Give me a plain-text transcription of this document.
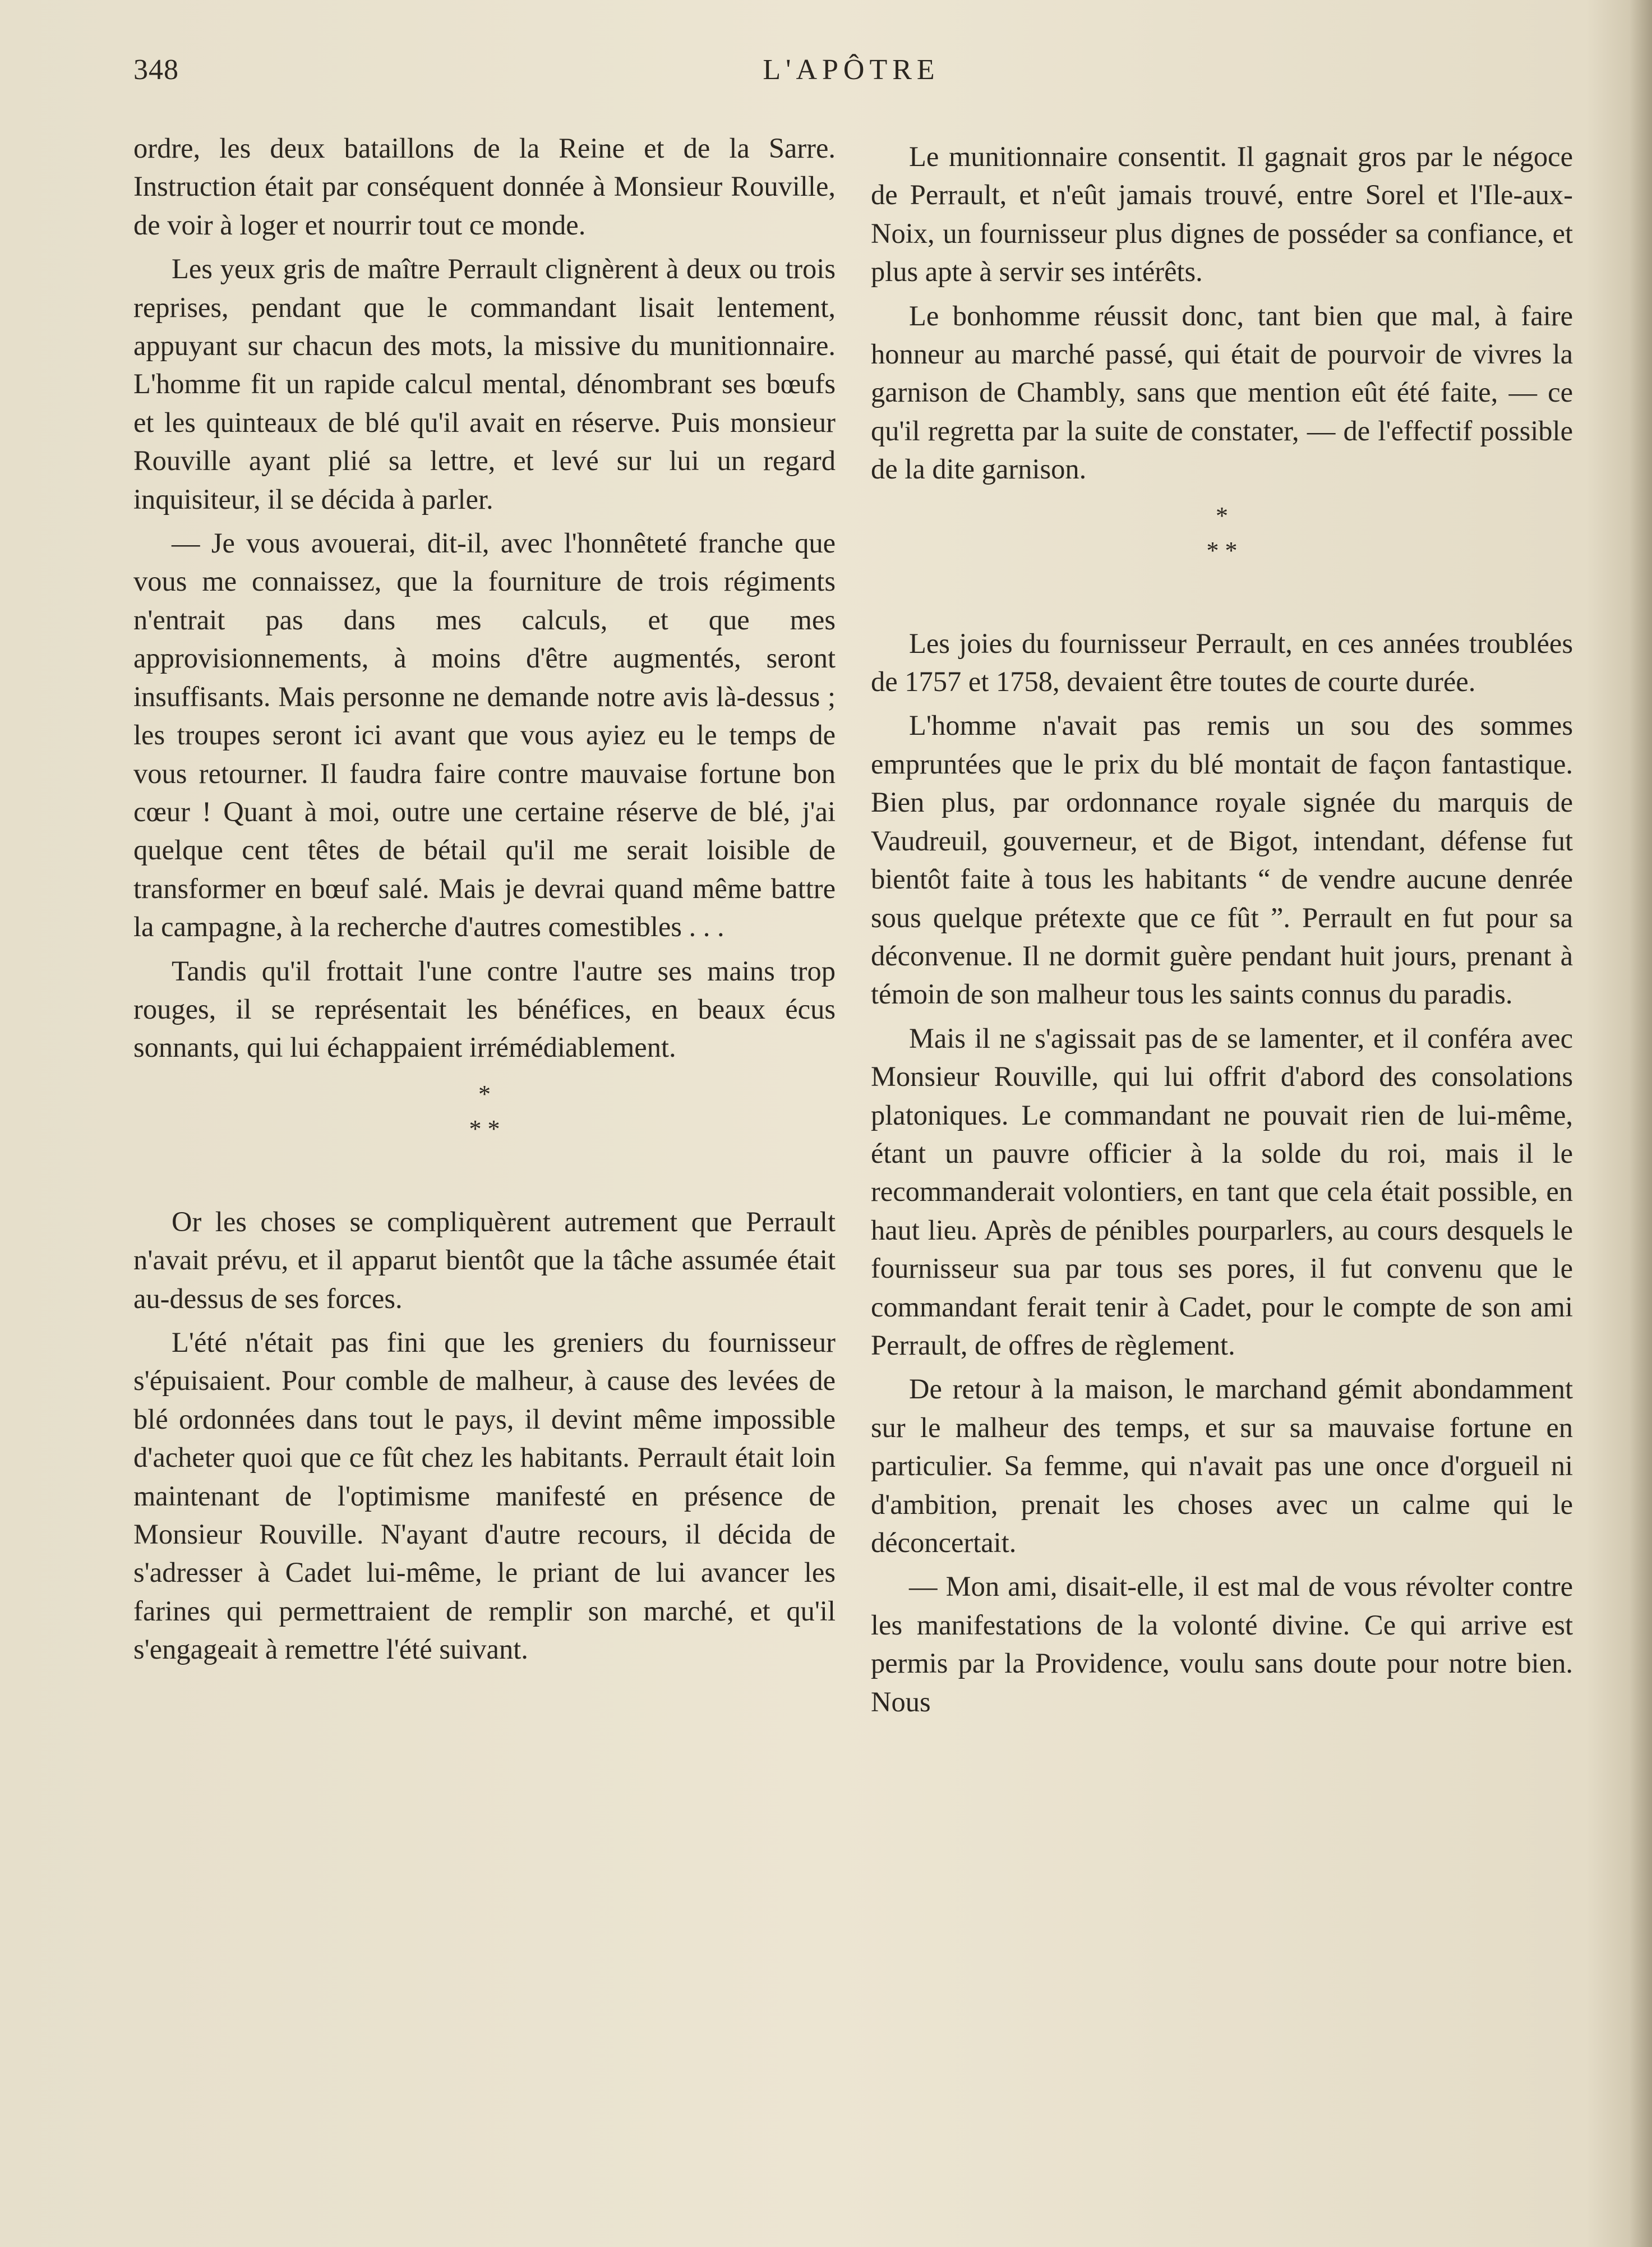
348	L'APÔTRE

ordre, les deux bataillons de la Reine et de la Sarre. Instruction était par conséquent donnée à Monsieur Rouville, de voir à loger et nourrir tout ce monde.

Les yeux gris de maître Perrault clignèrent à deux ou trois reprises, pendant que le commandant lisait lentement, appuyant sur chacun des mots, la missive du munitionnaire. L'homme fit un rapide calcul mental, dénombrant ses bœufs et les quinteaux de blé qu'il avait en réserve. Puis monsieur Rouville ayant plié sa lettre, et levé sur lui un regard inquisiteur, il se décida à parler.

— Je vous avouerai, dit-il, avec l'honnêteté franche que vous me connaissez, que la fourniture de trois régiments n'entrait pas dans mes calculs, et que mes approvisionnements, à moins d'être augmentés, seront insuffisants. Mais personne ne demande notre avis là-dessus ; les troupes seront ici avant que vous ayiez eu le temps de vous retourner. Il faudra faire contre mauvaise fortune bon cœur ! Quant à moi, outre une certaine réserve de blé, j'ai quelque cent têtes de bétail qu'il me serait loisible de transformer en bœuf salé. Mais je devrai quand même battre la campagne, à la recherche d'autres comestibles . . .

Tandis qu'il frottait l'une contre l'autre ses mains trop rouges, il se représentait les bénéfices, en beaux écus sonnants, qui lui échappaient irrémédiablement.

*
* *

Or les choses se compliquèrent autrement que Perrault n'avait prévu, et il apparut bientôt que la tâche assumée était au-dessus de ses forces.

L'été n'était pas fini que les greniers du fournisseur s'épuisaient. Pour comble de malheur, à cause des levées de blé ordonnées dans tout le pays, il devint même impossible d'acheter quoi que ce fût chez les habitants. Perrault était loin maintenant de l'optimisme manifesté en présence de Monsieur Rouville. N'ayant d'autre recours, il décida de s'adresser à Cadet lui-même, le priant de lui avancer les farines qui permettraient de remplir son marché, et qu'il s'engageait à remettre l'été suivant.

Le munitionnaire consentit. Il gagnait gros par le négoce de Perrault, et n'eût jamais trouvé, entre Sorel et l'Ile-aux-Noix, un fournisseur plus dignes de posséder sa confiance, et plus apte à servir ses intérêts.

Le bonhomme réussit donc, tant bien que mal, à faire honneur au marché passé, qui était de pourvoir de vivres la garnison de Chambly, sans que mention eût été faite, — ce qu'il regretta par la suite de constater, — de l'effectif possible de la dite garnison.

*
* *

Les joies du fournisseur Perrault, en ces années troublées de 1757 et 1758, devaient être toutes de courte durée.

L'homme n'avait pas remis un sou des sommes empruntées que le prix du blé montait de façon fantastique. Bien plus, par ordonnance royale signée du marquis de Vaudreuil, gouverneur, et de Bigot, intendant, défense fut bientôt faite à tous les habitants “ de vendre aucune denrée sous quelque prétexte que ce fût ”. Perrault en fut pour sa déconvenue. Il ne dormit guère pendant huit jours, prenant à témoin de son malheur tous les saints connus du paradis.

Mais il ne s'agissait pas de se lamenter, et il conféra avec Monsieur Rouville, qui lui offrit d'abord des consolations platoniques. Le commandant ne pouvait rien de lui-même, étant un pauvre officier à la solde du roi, mais il le recommanderait volontiers, en tant que cela était possible, en haut lieu. Après de pénibles pourparlers, au cours desquels le fournisseur sua par tous ses pores, il fut convenu que le commandant ferait tenir à Cadet, pour le compte de son ami Perrault, de offres de règlement.

De retour à la maison, le marchand gémit abondamment sur le malheur des temps, et sur sa mauvaise fortune en particulier. Sa femme, qui n'avait pas une once d'orgueil ni d'ambition, prenait les choses avec un calme qui le déconcertait.

— Mon ami, disait-elle, il est mal de vous révolter contre les manifestations de la volonté divine. Ce qui arrive est permis par la Providence, voulu sans doute pour notre bien. Nous
